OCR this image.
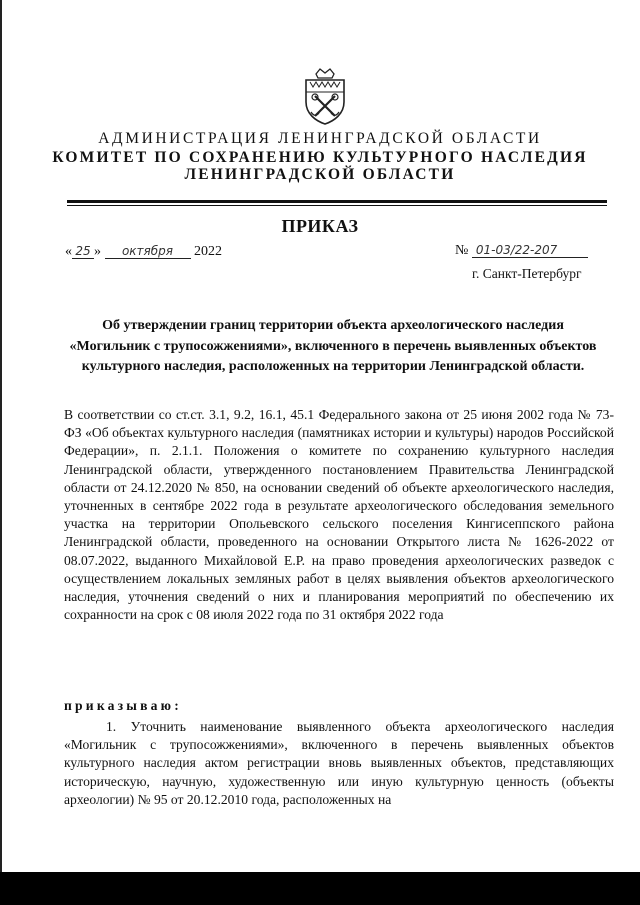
АДМИНИСТРАЦИЯ ЛЕНИНГРАДСКОЙ ОБЛАСТИ
КОМИТЕТ ПО СОХРАНЕНИЮ КУЛЬТУРНОГО НАСЛЕДИЯ
ЛЕНИНГРАДСКОЙ ОБЛАСТИ
ПРИКАЗ
« 25 » октября 2022	№ 01-03/22-207
г. Санкт-Петербург
Об утверждении границ территории объекта археологического наследия «Могильник с трупосожжениями», включенного в перечень выявленных объектов культурного наследия, расположенных на территории Ленинградской области.
В соответствии со ст.ст. 3.1, 9.2, 16.1, 45.1 Федерального закона от 25 июня 2002 года № 73-ФЗ «Об объектах культурного наследия (памятниках истории и культуры) народов Российской Федерации», п. 2.1.1. Положения о комитете по сохранению культурного наследия Ленинградской области, утвержденного постановлением Правительства Ленинградской области от 24.12.2020 № 850, на основании сведений об объекте археологического наследия, уточненных в сентябре 2022 года в результате археологического обследования земельного участка на территории Опольевского сельского поселения Кингисеппского района Ленинградской области, проведенного на основании Открытого листа № 1626-2022 от 08.07.2022, выданного Михайловой Е.Р. на право проведения археологических разведок с осуществлением локальных земляных работ в целях выявления объектов археологического наследия, уточнения сведений о них и планирования мероприятий по обеспечению их сохранности на срок с 08 июля 2022 года по 31 октября 2022 года
приказываю:
1. Уточнить наименование выявленного объекта археологического наследия «Могильник с трупосожжениями», включенного в перечень выявленных объектов культурного наследия актом регистрации вновь выявленных объектов, представляющих историческую, научную, художественную или иную культурную ценность (объекты археологии) № 95 от 20.12.2010 года, расположенных на
